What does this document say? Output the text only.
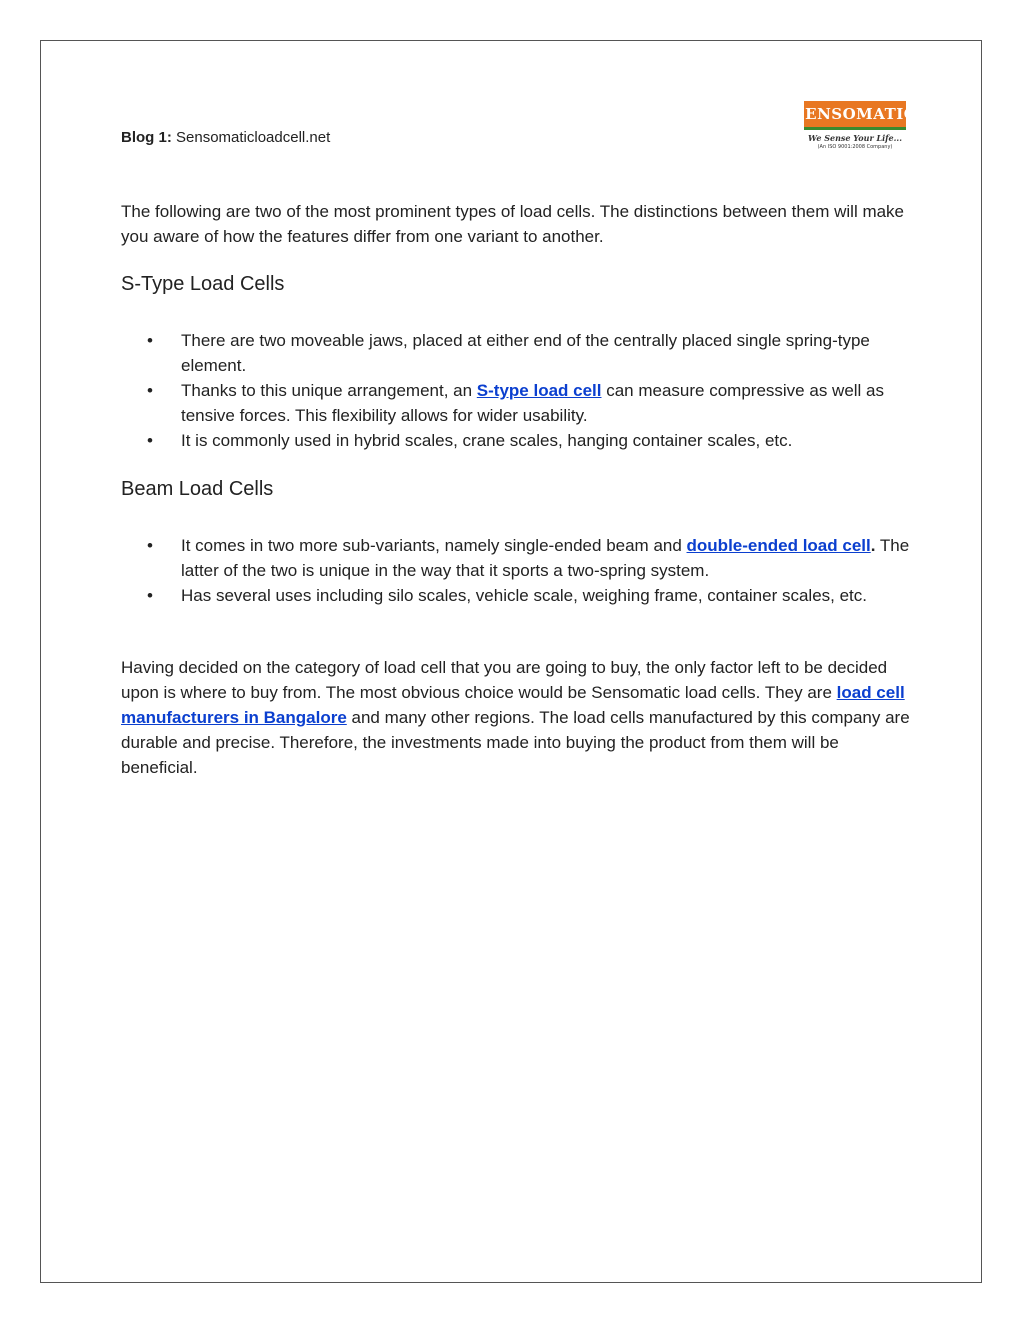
Blog 1: Sensomaticloadcell.net
SENSOMATIC
We Sense Your Life...
(An ISO 9001:2008 Company)

The following are two of the most prominent types of load cells. The distinctions between them will make you aware of how the features differ from one variant to another.

S-Type Load Cells
• There are two moveable jaws, placed at either end of the centrally placed single spring-type element.
• Thanks to this unique arrangement, an S-type load cell can measure compressive as well as tensive forces. This flexibility allows for wider usability.
• It is commonly used in hybrid scales, crane scales, hanging container scales, etc.
Beam Load Cells
• It comes in two more sub-variants, namely single-ended beam and double-ended load cell. The latter of the two is unique in the way that it sports a two-spring system.
• Has several uses including silo scales, vehicle scale, weighing frame, container scales, etc.

Having decided on the category of load cell that you are going to buy, the only factor left to be decided upon is where to buy from. The most obvious choice would be Sensomatic load cells. They are load cell manufacturers in Bangalore and many other regions. The load cells manufactured by this company are durable and precise. Therefore, the investments made into buying the product from them will be beneficial.
